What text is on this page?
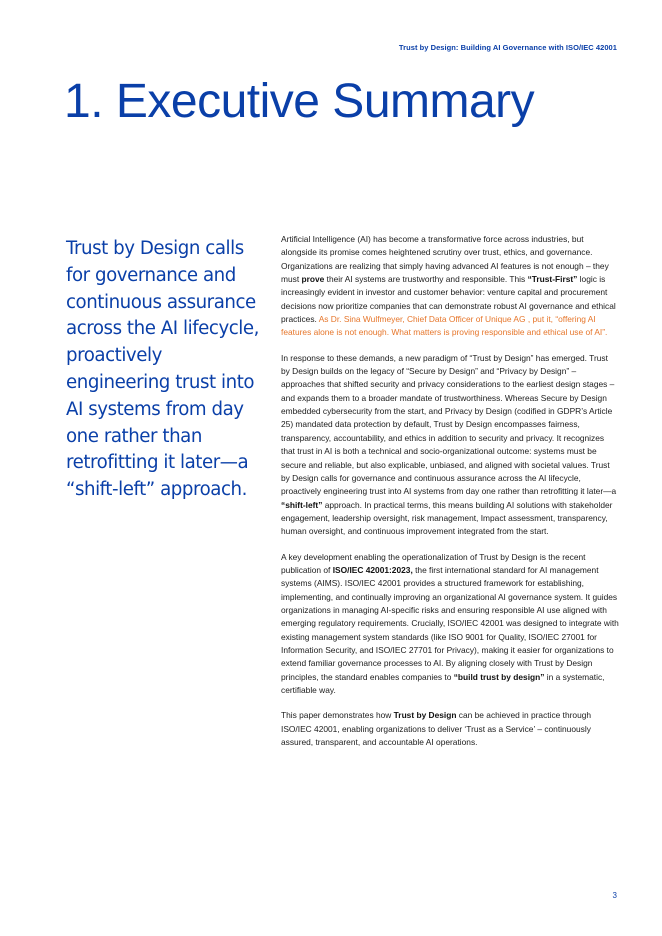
Trust by Design: Building AI Governance with ISO/IEC 42001
1. Executive Summary

Trust by Design calls for governance and continuous assurance across the AI lifecycle, proactively engineering trust into AI systems from day one rather than retrofitting it later—a “shift-left” approach.

Artificial Intelligence (AI) has become a transformative force across industries, but alongside its promise comes heightened scrutiny over trust, ethics, and governance. Organizations are realizing that simply having advanced AI features is not enough – they must prove their AI systems are trustworthy and responsible. This “Trust-First” logic is increasingly evident in investor and customer behavior: venture capital and procurement decisions now prioritize companies that can demonstrate robust AI governance and ethical practices. As Dr. Sina Wulfmeyer, Chief Data Officer of Unique AG , put it, “offering AI features alone is not enough. What matters is proving responsible and ethical use of AI”.

In response to these demands, a new paradigm of “Trust by Design” has emerged. Trust by Design builds on the legacy of “Secure by Design” and “Privacy by Design” – approaches that shifted security and privacy considerations to the earliest design stages – and expands them to a broader mandate of trustworthiness. Whereas Secure by Design embedded cybersecurity from the start, and Privacy by Design (codified in GDPR’s Article 25) mandated data protection by default, Trust by Design encompasses fairness, transparency, accountability, and ethics in addition to security and privacy. It recognizes that trust in AI is both a technical and socio-organizational outcome: systems must be secure and reliable, but also explicable, unbiased, and aligned with societal values. Trust by Design calls for governance and continuous assurance across the AI lifecycle, proactively engineering trust into AI systems from day one rather than retrofitting it later—a “shift-left” approach. In practical terms, this means building AI solutions with stakeholder engagement, leadership oversight, risk management, Impact assessment, transparency, human oversight, and continuous improvement integrated from the start.

A key development enabling the operationalization of Trust by Design is the recent publication of ISO/IEC 42001:2023, the first international standard for AI management systems (AIMS). ISO/IEC 42001 provides a structured framework for establishing, implementing, and continually improving an organizational AI governance system. It guides organizations in managing AI-specific risks and ensuring responsible AI use aligned with emerging regulatory requirements. Crucially, ISO/IEC 42001 was designed to integrate with existing management system standards (like ISO 9001 for Quality, ISO/IEC 27001 for Information Security, and ISO/IEC 27701 for Privacy), making it easier for organizations to extend familiar governance processes to AI. By aligning closely with Trust by Design principles, the standard enables companies to “build trust by design” in a systematic, certifiable way.

This paper demonstrates how Trust by Design can be achieved in practice through ISO/IEC 42001, enabling organizations to deliver ‘Trust as a Service’ – continuously assured, transparent, and accountable AI operations.

3
